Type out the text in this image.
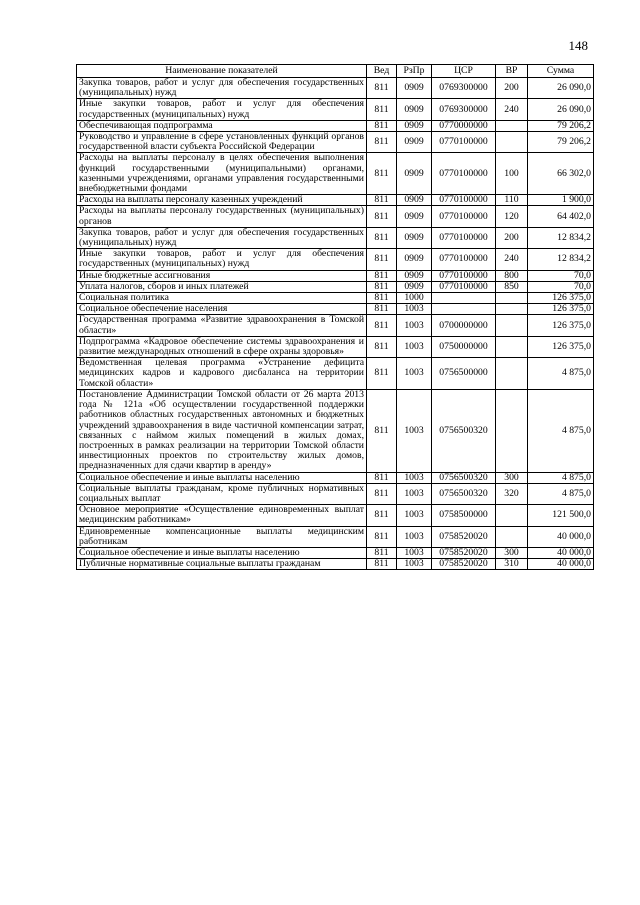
148
Наименование показателей	Вед	РзПр	ЦСР	ВР	Сумма
Закупка товаров, работ и услуг для обеспечения государственных (муниципальных) нужд	811	0909	0769300000	200	26 090,0
Иные закупки товаров, работ и услуг для обеспечения государственных (муниципальных) нужд	811	0909	0769300000	240	26 090,0
Обеспечивающая подпрограмма	811	0909	0770000000		79 206,2
Руководство и управление в сфере установленных функций органов государственной власти субъекта Российской Федерации	811	0909	0770100000		79 206,2
Расходы на выплаты персоналу в целях обеспечения выполнения функций государственными (муниципальными) органами, казенными учреждениями, органами управления государственными внебюджетными фондами	811	0909	0770100000	100	66 302,0
Расходы на выплаты персоналу казенных учреждений	811	0909	0770100000	110	1 900,0
Расходы на выплаты персоналу государственных (муниципальных) органов	811	0909	0770100000	120	64 402,0
Закупка товаров, работ и услуг для обеспечения государственных (муниципальных) нужд	811	0909	0770100000	200	12 834,2
Иные закупки товаров, работ и услуг для обеспечения государственных (муниципальных) нужд	811	0909	0770100000	240	12 834,2
Иные бюджетные ассигнования	811	0909	0770100000	800	70,0
Уплата налогов, сборов и иных платежей	811	0909	0770100000	850	70,0
Социальная политика	811	1000			126 375,0
Социальное обеспечение населения	811	1003			126 375,0
Государственная программа «Развитие здравоохранения в Томской области»	811	1003	0700000000		126 375,0
Подпрограмма «Кадровое обеспечение системы здравоохранения и развитие международных отношений в сфере охраны здоровья»	811	1003	0750000000		126 375,0
Ведомственная целевая программа «Устранение дефицита медицинских кадров и кадрового дисбаланса на территории Томской области»	811	1003	0756500000		4 875,0
Постановление Администрации Томской области от 26 марта 2013 года № 121а «Об осуществлении государственной поддержки работников областных государственных автономных и бюджетных учреждений здравоохранения в виде частичной компенсации затрат, связанных с наймом жилых помещений в жилых домах, построенных в рамках реализации на территории Томской области инвестиционных проектов по строительству жилых домов, предназначенных для сдачи квартир в аренду»	811	1003	0756500320		4 875,0
Социальное обеспечение и иные выплаты населению	811	1003	0756500320	300	4 875,0
Социальные выплаты гражданам, кроме публичных нормативных социальных выплат	811	1003	0756500320	320	4 875,0
Основное мероприятие «Осуществление единовременных выплат медицинским работникам»	811	1003	0758500000		121 500,0
Единовременные компенсационные выплаты медицинским работникам	811	1003	0758520020		40 000,0
Социальное обеспечение и иные выплаты населению	811	1003	0758520020	300	40 000,0
Публичные нормативные социальные выплаты гражданам	811	1003	0758520020	310	40 000,0
